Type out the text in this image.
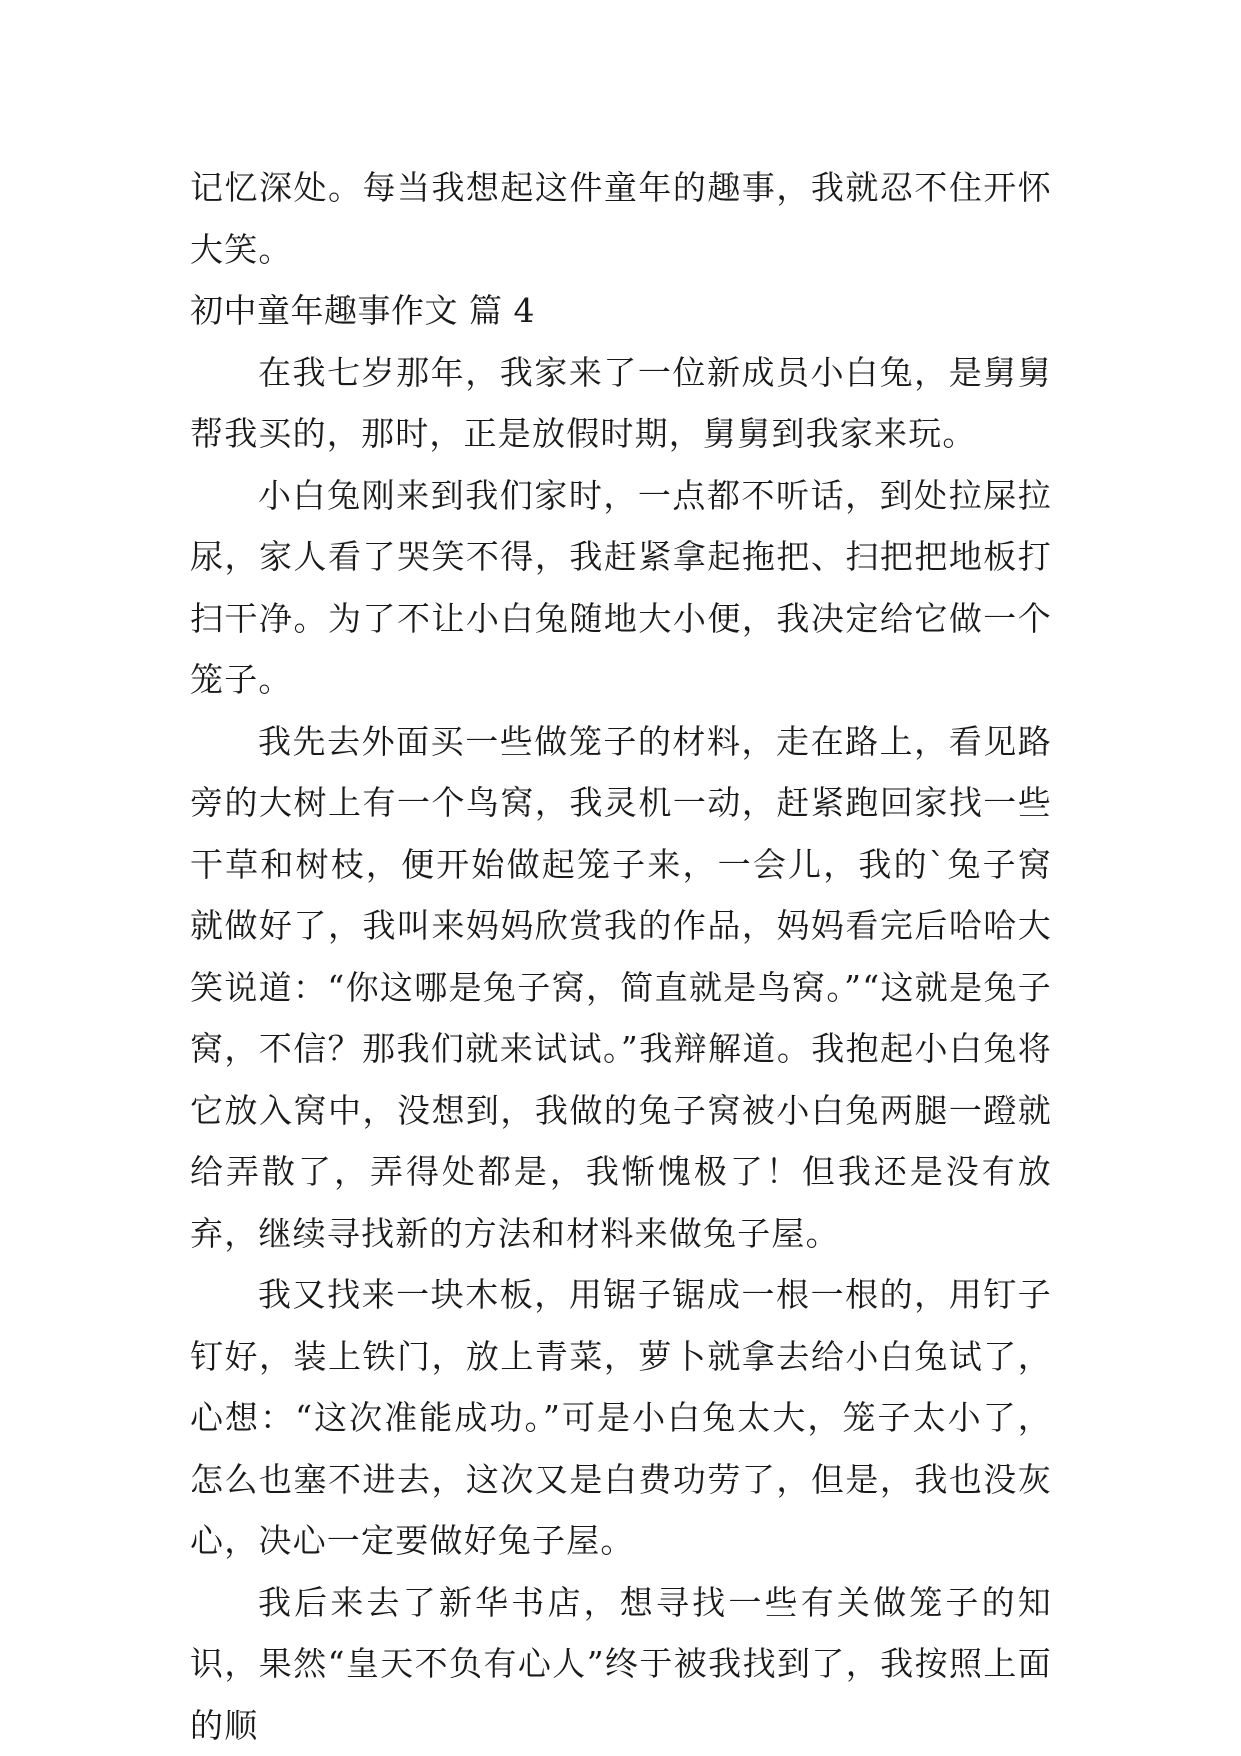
记忆深处。每当我想起这件童年的趣事，我就忍不住开怀大笑。

初中童年趣事作文 篇 4

在我七岁那年，我家来了一位新成员小白兔，是舅舅帮我买的，那时，正是放假时期，舅舅到我家来玩。

小白兔刚来到我们家时，一点都不听话，到处拉屎拉尿，家人看了哭笑不得，我赶紧拿起拖把、扫把把地板打扫干净。为了不让小白兔随地大小便，我决定给它做一个笼子。

我先去外面买一些做笼子的材料，走在路上，看见路旁的大树上有一个鸟窝，我灵机一动，赶紧跑回家找一些干草和树枝，便开始做起笼子来，一会儿，我的`兔子窝就做好了，我叫来妈妈欣赏我的作品，妈妈看完后哈哈大笑说道：“你这哪是兔子窝，简直就是鸟窝。”“这就是兔子窝，不信？那我们就来试试。”我辩解道。我抱起小白兔将它放入窝中，没想到，我做的兔子窝被小白兔两腿一蹬就给弄散了，弄得处都是，我惭愧极了！但我还是没有放弃，继续寻找新的方法和材料来做兔子屋。

我又找来一块木板，用锯子锯成一根一根的，用钉子钉好，装上铁门，放上青菜，萝卜就拿去给小白兔试了，心想：“这次准能成功。”可是小白兔太大，笼子太小了，怎么也塞不进去，这次又是白费功劳了，但是，我也没灰心，决心一定要做好兔子屋。

我后来去了新华书店，想寻找一些有关做笼子的知识，果然“皇天不负有心人”终于被我找到了，我按照上面的顺
